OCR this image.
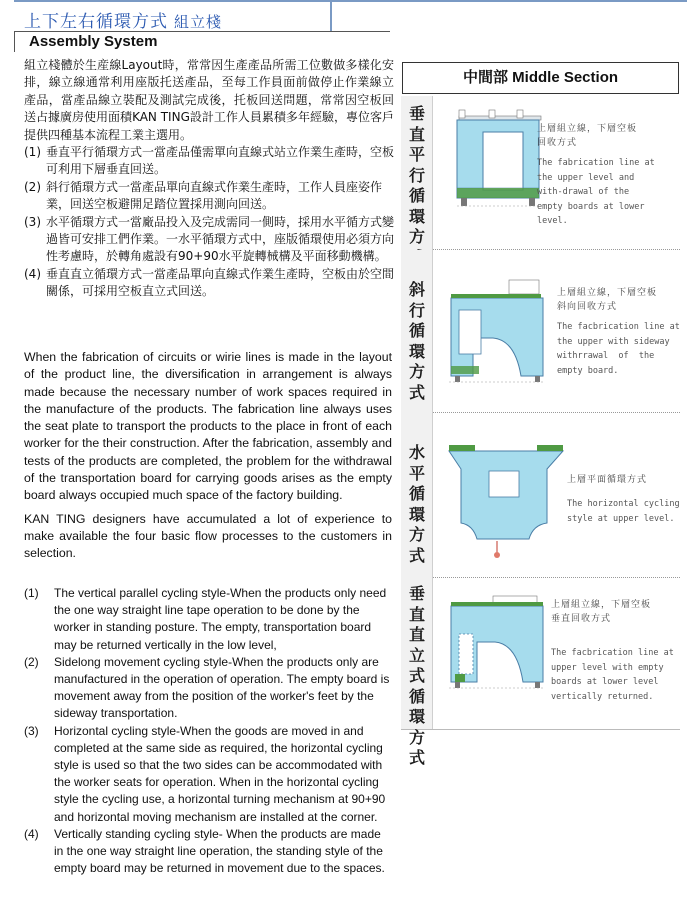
上下左右循環方式 組立棧
Assembly System
組立棧體於生産線Layout時，常常因生產產品所需工位數做多樣化安排，線立線通常利用座版托送產品，至每工作員面前做停止作業線立產品，當產品線立裝配及測試完成後，托板回送問題，常常因空板回送占據廣房使用面積KAN TING設計工作人員累積多年經驗，專位客戶提供四種基本流程工業主選用。
(1) 垂直平行循環方式一當產品僅需單向直線式站立作業生產時，空板可利用下層垂直回送。
(2) 斜行循環方式一當產品單向直線式作業生產時，工作人員座姿作業，回送空板避開足踏位置採用測向回送。
(3) 水平循環方式一當廠品投入及完成需同一側時，採用水平循方式變過皆可安排工們作業。一水平循環方式中，座版循環使用必須方向性考慮時，於轉角處設有90+90水平旋轉械構及平面移動機構。
(4) 垂直直立循環方式一當產品單向直線式作業生產時，空板由於空間關係，可採用空板直立式回送。

When the fabrication of circuits or wirie lines is made in the layout of the product line, the diversification in arrangement is always made because the necessary number of work spaces required in the manufacture of the products. The fabrication line always uses the seat plate to transport the products to the place in front of each worker for the their construction. After the fabrication, assembly and tests of the products are completed, the problem for the withdrawal of the transportation board for carrying goods arises as the empty board always occupied much space of the factory building.

KAN TING designers have accumulated a lot of experience to make available the four basic flow processes to the customers in selection.

(1)	The vertical parallel cycling style-When the products only need the one way straight line tape operation to be done by the worker in standing posture. The empty, transportation board may be returned vertically in the low level,
(2)	Sidelong movement cycling style-When the products only are manufactured in the operation of operation. The empty board is movement away from the position of the worker's feet by the sideway transportation.
(3)	Horizontal cycling style-When the goods are moved in and completed at the same side as required, the horizontal cycling style is used so that the two sides can be accommodated with the worker seats for operation. When in the horizontal cycling style the cycling use, a horizontal turning mechanism at 90+90 and horizontal moving mechanism are installed at the corner.
(4)	Vertically standing cycling style- When the products are made in the one way straight line operation, the standing style of the empty board may be returned in movement due to the spaces.
中間部 Middle Section
垂直平行循環方
上層組立線，下層空板
回收方式
The fabrication line at
the upper level and
with-drawal of the
empty boards at lower
level.
斜行循環方式
上層組立線，下層空板
斜向回收方式
The facbrication line at
the upper with sideway
withrrawal  of  the
empty board.
水平循環方式
上層平面循環方式
The horizontal cycling
style at upper level.
垂直直立式循環方式
上層組立線，下層空板
垂直回收方式
The facbrication line at
upper level with empty
boards at lower level
vertically returned.
